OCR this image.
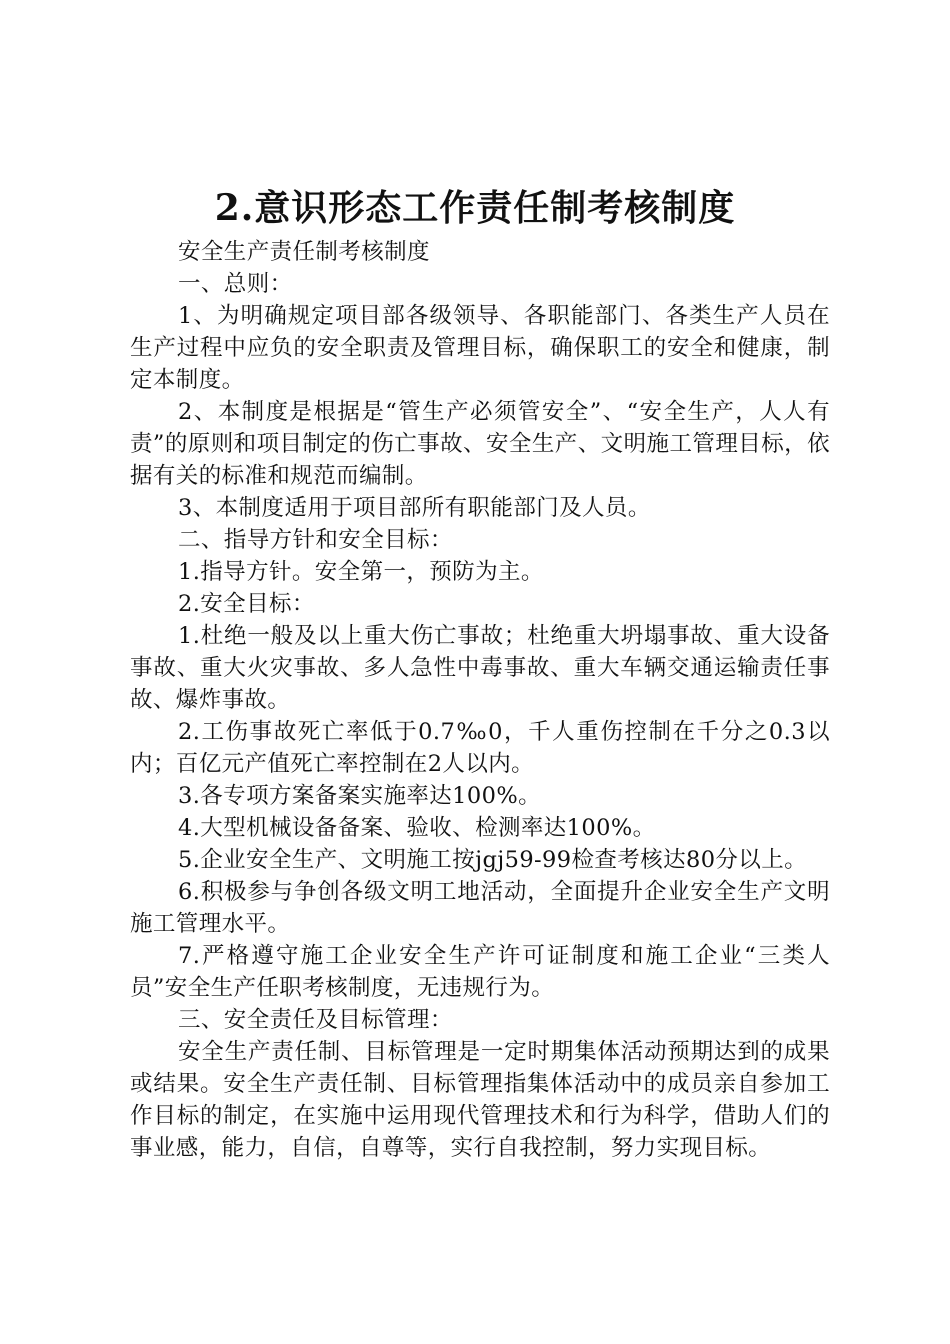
2.意识形态工作责任制考核制度

安全生产责任制考核制度

一、总则：

1、为明确规定项目部各级领导、各职能部门、各类生产人员在生产过程中应负的安全职责及管理目标，确保职工的安全和健康，制定本制度。

2、本制度是根据是“管生产必须管安全”、“安全生产，人人有责”的原则和项目制定的伤亡事故、安全生产、文明施工管理目标，依据有关的标准和规范而编制。

3、本制度适用于项目部所有职能部门及人员。

二、指导方针和安全目标：

1.指导方针。安全第一，预防为主。

2.安全目标：

1.杜绝一般及以上重大伤亡事故；杜绝重大坍塌事故、重大设备事故、重大火灾事故、多人急性中毒事故、重大车辆交通运输责任事故、爆炸事故。

2.工伤事故死亡率低于0.7‰0，千人重伤控制在千分之0.3以内；百亿元产值死亡率控制在2人以内。

3.各专项方案备案实施率达100%。

4.大型机械设备备案、验收、检测率达100%。

5.企业安全生产、文明施工按jgj59-99检查考核达80分以上。

6.积极参与争创各级文明工地活动，全面提升企业安全生产文明施工管理水平。

7.严格遵守施工企业安全生产许可证制度和施工企业“三类人员”安全生产任职考核制度，无违规行为。

三、安全责任及目标管理：

安全生产责任制、目标管理是一定时期集体活动预期达到的成果或结果。安全生产责任制、目标管理指集体活动中的成员亲自参加工作目标的制定，在实施中运用现代管理技术和行为科学，借助人们的事业感，能力，自信，自尊等，实行自我控制，努力实现目标。
